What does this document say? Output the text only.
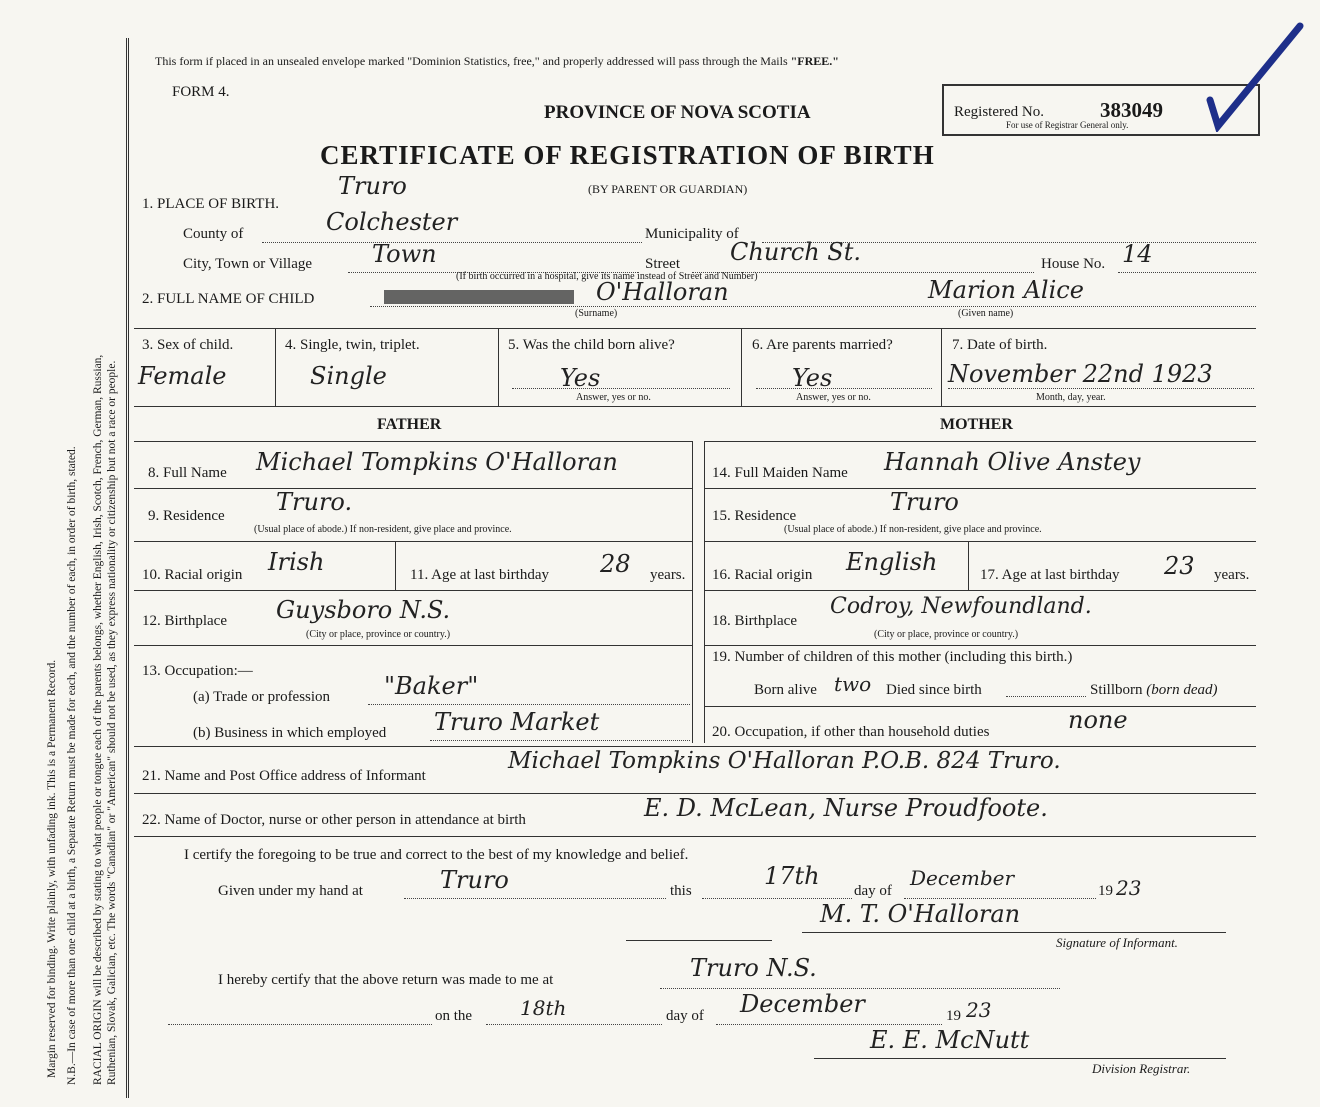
Margin reserved for binding. Write plainly, with unfading ink. This is a Permanent Record. N.B.—In case of more than one child at a birth, a Separate Return must be made for each, and the number of each, in order of birth, stated. RACIAL ORIGIN will be described by stating to what people or tongue each of the parents belongs, whether English, Irish, Scotch, French, German, Russian, Ruthenian, Slovak, Galician, etc. The words "Canadian" or "American" should not be used, as they express nationality or citizenship but not a race or people.
This form if placed in an unsealed envelope marked "Dominion Statistics, free," and properly addressed will pass through the Mails "FREE."
FORM 4.
PROVINCE OF NOVA SCOTIA
CERTIFICATE OF REGISTRATION OF BIRTH
(BY PARENT OR GUARDIAN)
Registered No.	383049
For use of Registrar General only.
1. PLACE OF BIRTH.
Truro
County of	Colchester	Municipality of
City, Town or Village Town	Street Church St.	House No. 14
(If birth occurred in a hospital, give its name instead of Street and Number)
2. FULL NAME OF CHILD	O'Halloran	Marion Alice
(Surname)	(Given name)
3. Sex of child.
Female
4. Single, twin, triplet.
Single
5. Was the child born alive?
Yes
Answer, yes or no.
6. Are parents married?
Yes
Answer, yes or no.
7. Date of birth.
November 22nd 1923
Month, day, year.
FATHER	MOTHER
8. Full Name Michael Tompkins O'Halloran
9. Residence Truro.
(Usual place of abode.) If non-resident, give place and province.
10. Racial origin Irish	11. Age at last birthday 28 years.
12. Birthplace Guysboro N.S.
(City or place, province or country.)
13. Occupation:—
(a) Trade or profession "Baker"
(b) Business in which employed Truro Market
14. Full Maiden Name Hannah Olive Anstey
15. Residence	Truro
(Usual place of abode.) If non-resident, give place and province.
16. Racial origin English	17. Age at last birthday 23 years.
18. Birthplace
Codroy, Newfoundland.
(City or place, province or country.)
19. Number of children of this mother (including this birth.)
Born alive two Died since birth	Stillborn (born dead)
20. Occupation, if other than household duties	none
21. Name and Post Office address of Informant
Michael Tompkins O'Halloran P.O.B. 824 Truro.
22. Name of Doctor, nurse or other person in attendance at birth	E. D. McLean, Nurse Proudfoote.
I certify the foregoing to be true and correct to the best of my knowledge and belief.
Given under my hand at	Truro	this
17th
day of
December
19 23
M. T. O'Halloran
Signature of Informant.
I hereby certify that the above return was made to me at	Truro N.S.
on the 18th	day of December	19 23
E. E. McNutt
Division Registrar.
